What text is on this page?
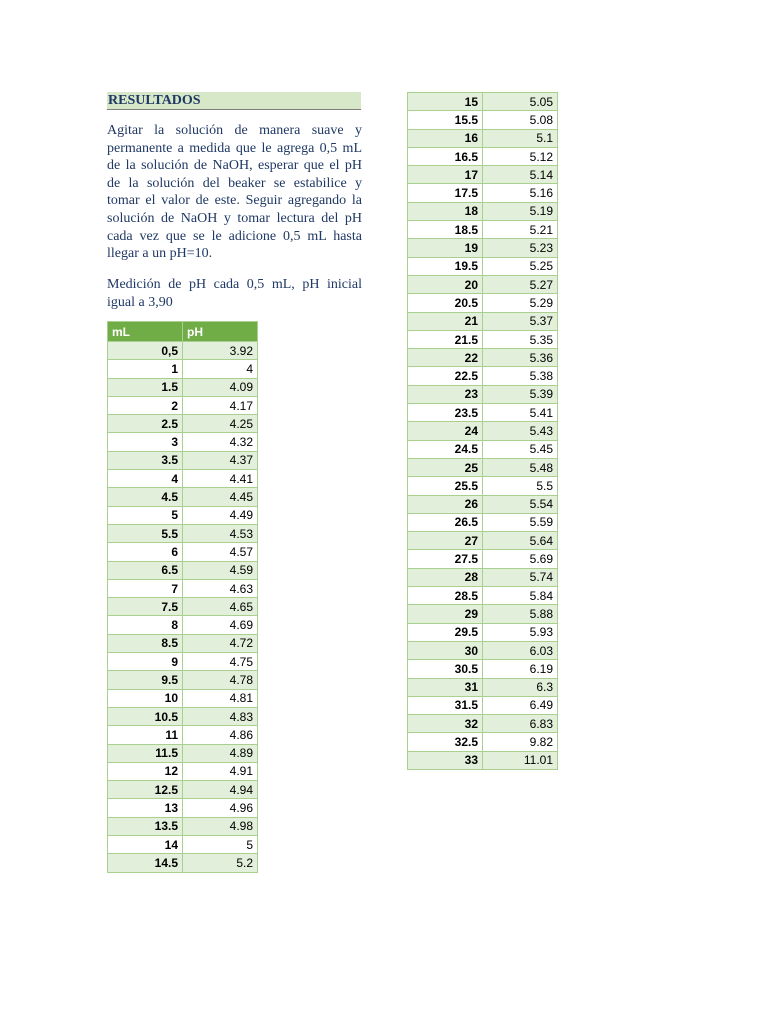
RESULTADOS

Agitar la solución de manera suave y permanente a medida que le agrega 0,5 mL de la solución de NaOH, esperar que el pH de la solución del beaker se estabilice y tomar el valor de este. Seguir agregando la solución de NaOH y tomar lectura del pH cada vez que se le adicione 0,5 mL hasta llegar a un pH=10.

Medición de pH cada 0,5 mL, pH inicial igual a 3,90

mL	pH
0,5	3.92
1	4
1.5	4.09
2	4.17
2.5	4.25
3	4.32
3.5	4.37
4	4.41
4.5	4.45
5	4.49
5.5	4.53
6	4.57
6.5	4.59
7	4.63
7.5	4.65
8	4.69
8.5	4.72
9	4.75
9.5	4.78
10	4.81
10.5	4.83
11	4.86
11.5	4.89
12	4.91
12.5	4.94
13	4.96
13.5	4.98
14	5
14.5	5.2
15	5.05
15.5	5.08
16	5.1
16.5	5.12
17	5.14
17.5	5.16
18	5.19
18.5	5.21
19	5.23
19.5	5.25
20	5.27
20.5	5.29
21	5.37
21.5	5.35
22	5.36
22.5	5.38
23	5.39
23.5	5.41
24	5.43
24.5	5.45
25	5.48
25.5	5.5
26	5.54
26.5	5.59
27	5.64
27.5	5.69
28	5.74
28.5	5.84
29	5.88
29.5	5.93
30	6.03
30.5	6.19
31	6.3
31.5	6.49
32	6.83
32.5	9.82
33	11.01
